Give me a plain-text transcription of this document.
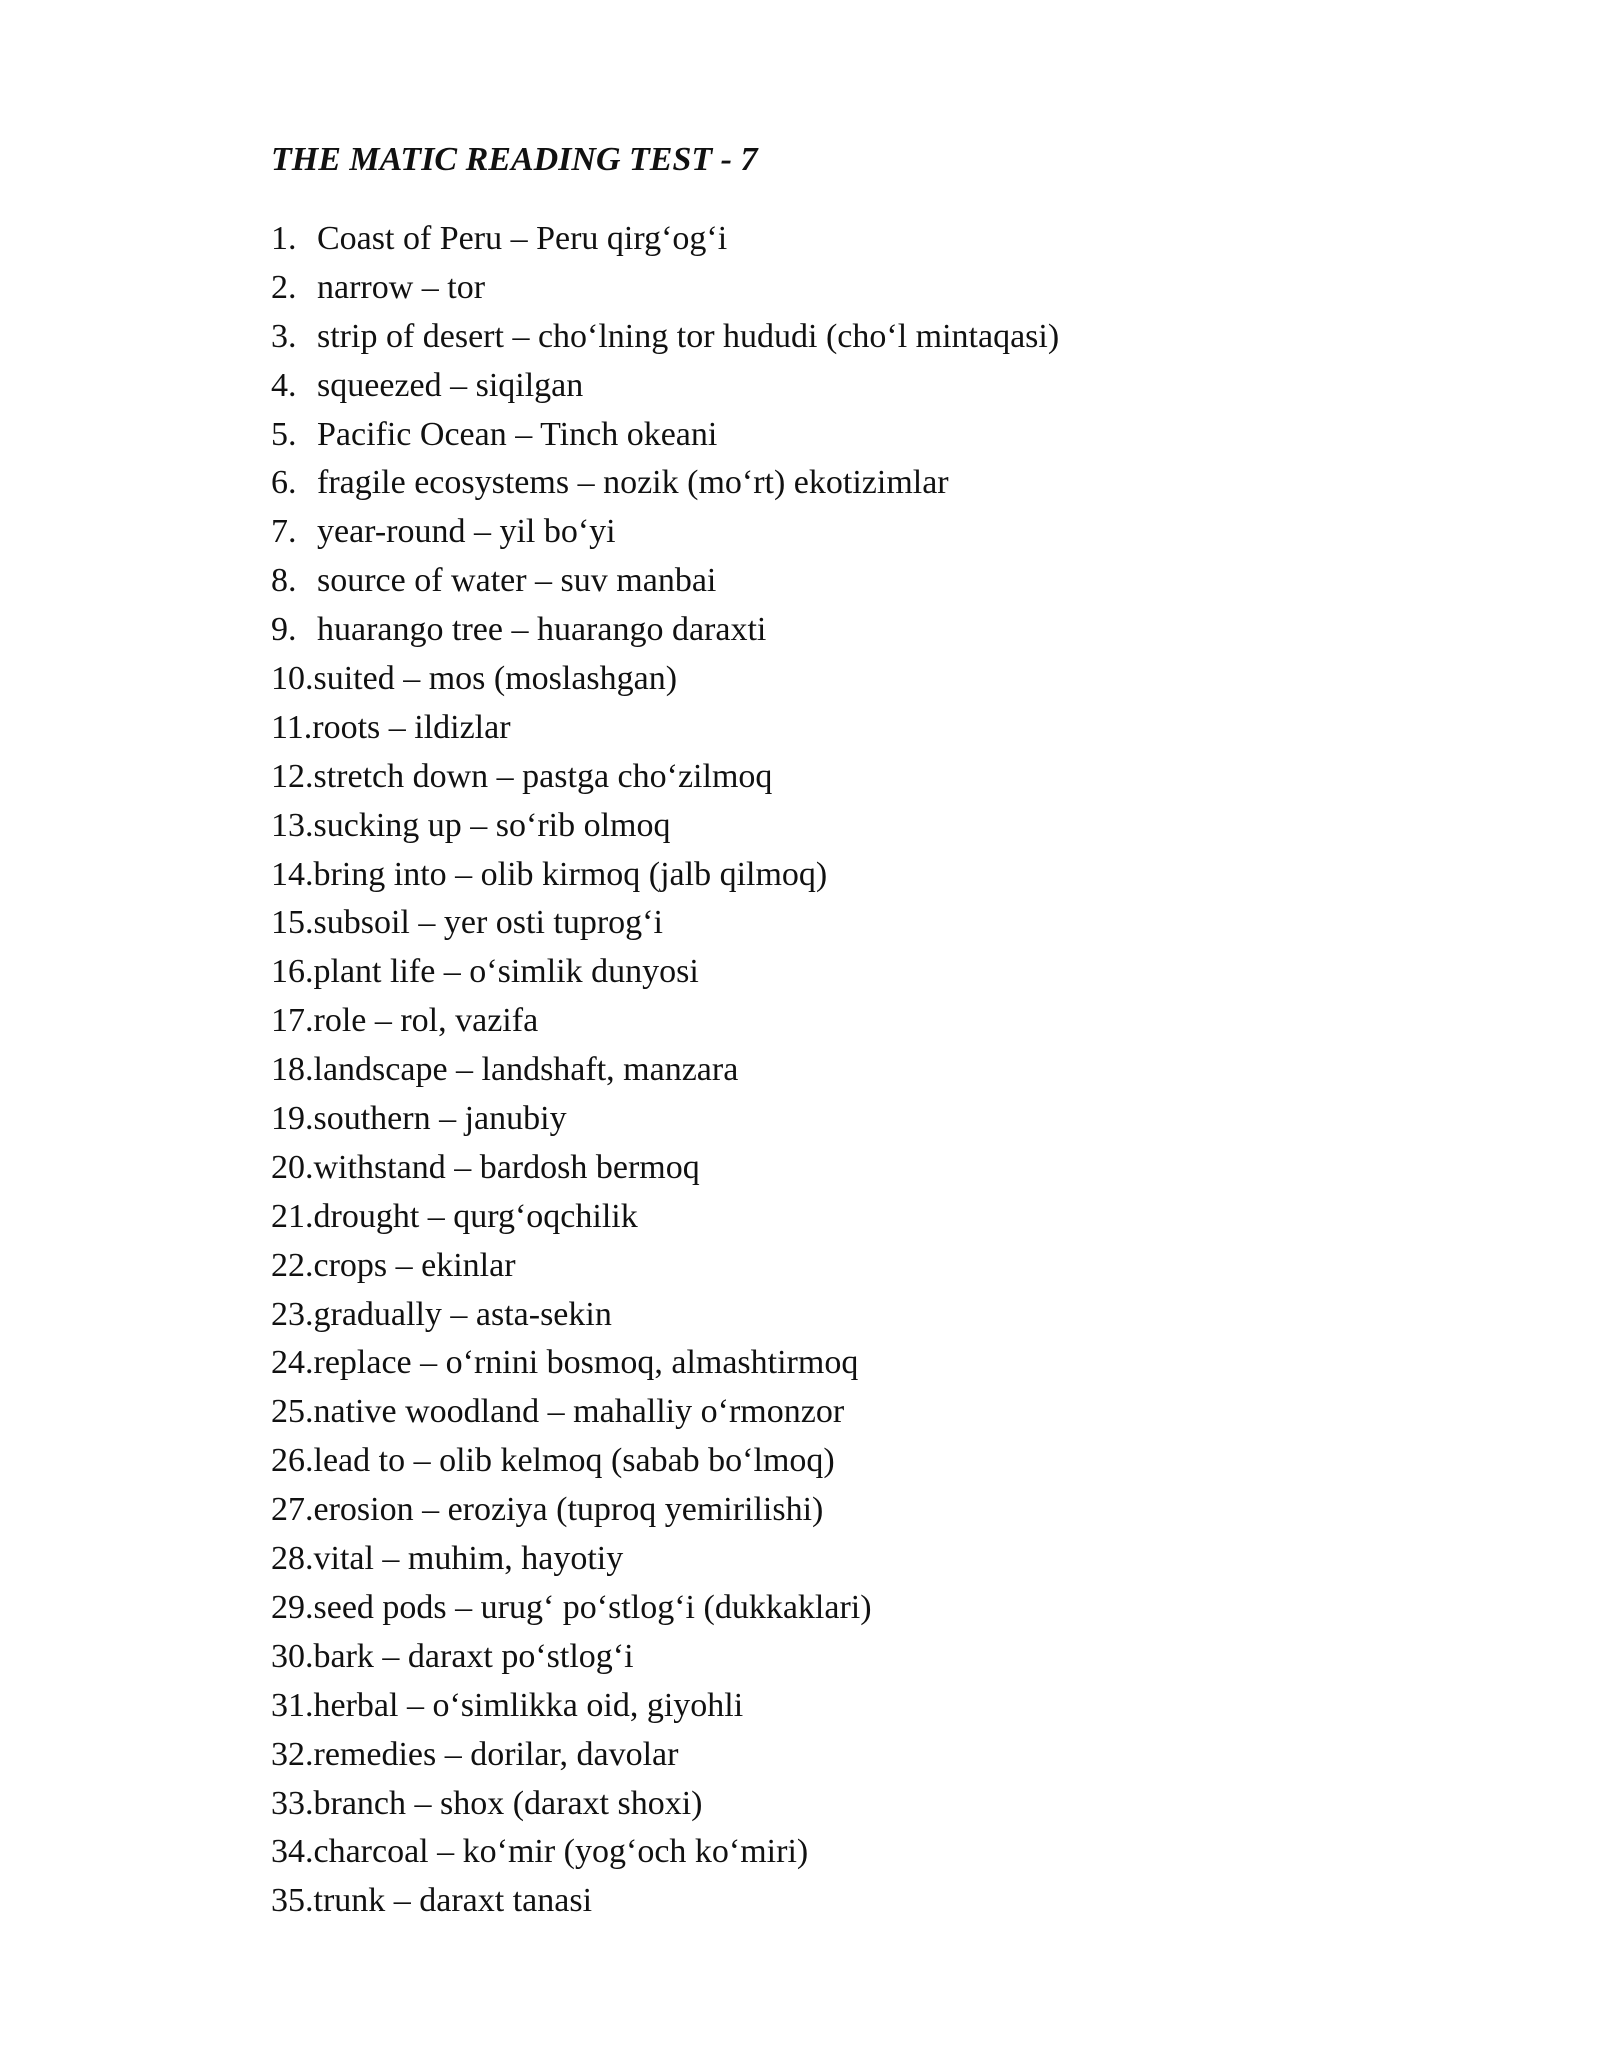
THE MATIC READING TEST - 7
1. Coast of Peru – Peru qirg‘og‘i
2. narrow – tor
3. strip of desert – cho‘lning tor hududi (cho‘l mintaqasi)
4. squeezed – siqilgan
5. Pacific Ocean – Tinch okeani
6. fragile ecosystems – nozik (mo‘rt) ekotizimlar
7. year-round – yil bo‘yi
8. source of water – suv manbai
9. huarango tree – huarango daraxti
10. suited – mos (moslashgan)
11. roots – ildizlar
12. stretch down – pastga cho‘zilmoq
13. sucking up – so‘rib olmoq
14. bring into – olib kirmoq (jalb qilmoq)
15. subsoil – yer osti tuprog‘i
16. plant life – o‘simlik dunyosi
17. role – rol, vazifa
18. landscape – landshaft, manzara
19. southern – janubiy
20. withstand – bardosh bermoq
21. drought – qurg‘oqchilik
22. crops – ekinlar
23. gradually – asta-sekin
24. replace – o‘rnini bosmoq, almashtirmoq
25. native woodland – mahalliy o‘rmonzor
26. lead to – olib kelmoq (sabab bo‘lmoq)
27. erosion – eroziya (tuproq yemirilishi)
28. vital – muhim, hayotiy
29. seed pods – urug‘ po‘stlog‘i (dukkaklari)
30. bark – daraxt po‘stlog‘i
31. herbal – o‘simlikka oid, giyohli
32. remedies – dorilar, davolar
33. branch – shox (daraxt shoxi)
34. charcoal – ko‘mir (yog‘och ko‘miri)
35. trunk – daraxt tanasi
